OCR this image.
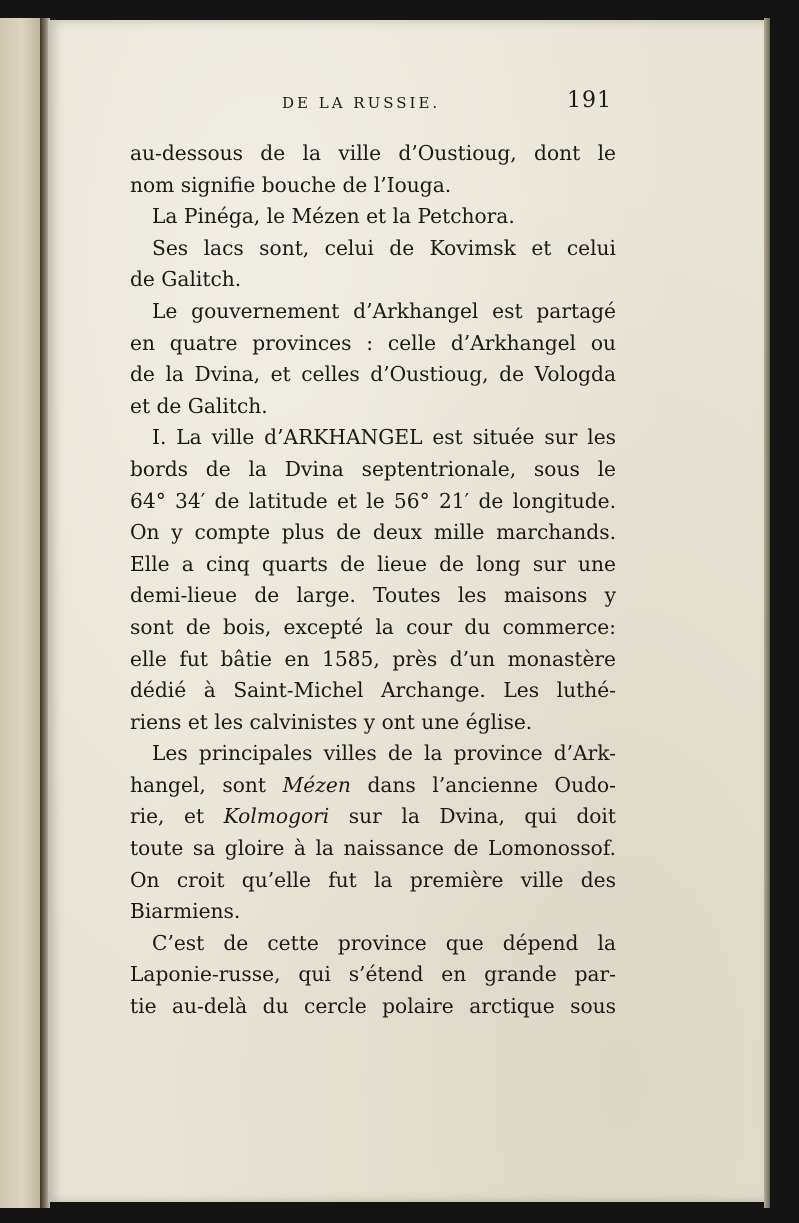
DE LA RUSSIE.	191
au-dessous de la ville d’Oustioug, dont le
nom signifie bouche de l’Iouga.
La Pinéga, le Mézen et la Petchora.
Ses lacs sont, celui de Kovimsk et celui
de Galitch.
Le gouvernement d’Arkhangel est partagé
en quatre provinces : celle d’Arkhangel ou
de la Dvina, et celles d’Oustioug, de Vologda
et de Galitch.
I. La ville d’ARKHANGEL est située sur les
bords de la Dvina septentrionale, sous le
64° 34′ de latitude et le 56° 21′ de longitude.
On y compte plus de deux mille marchands.
Elle a cinq quarts de lieue de long sur une
demi-lieue de large. Toutes les maisons y
sont de bois, excepté la cour du commerce:
elle fut bâtie en 1585, près d’un monastère
dédié à Saint-Michel Archange. Les luthé-
riens et les calvinistes y ont une église.
Les principales villes de la province d’Ark-
hangel, sont Mézen dans l’ancienne Oudo-
rie, et Kolmogori sur la Dvina, qui doit
toute sa gloire à la naissance de Lomonossof.
On croit qu’elle fut la première ville des
Biarmiens.
C’est de cette province que dépend la
Laponie-russe, qui s’étend en grande par-
tie au-delà du cercle polaire arctique sous
